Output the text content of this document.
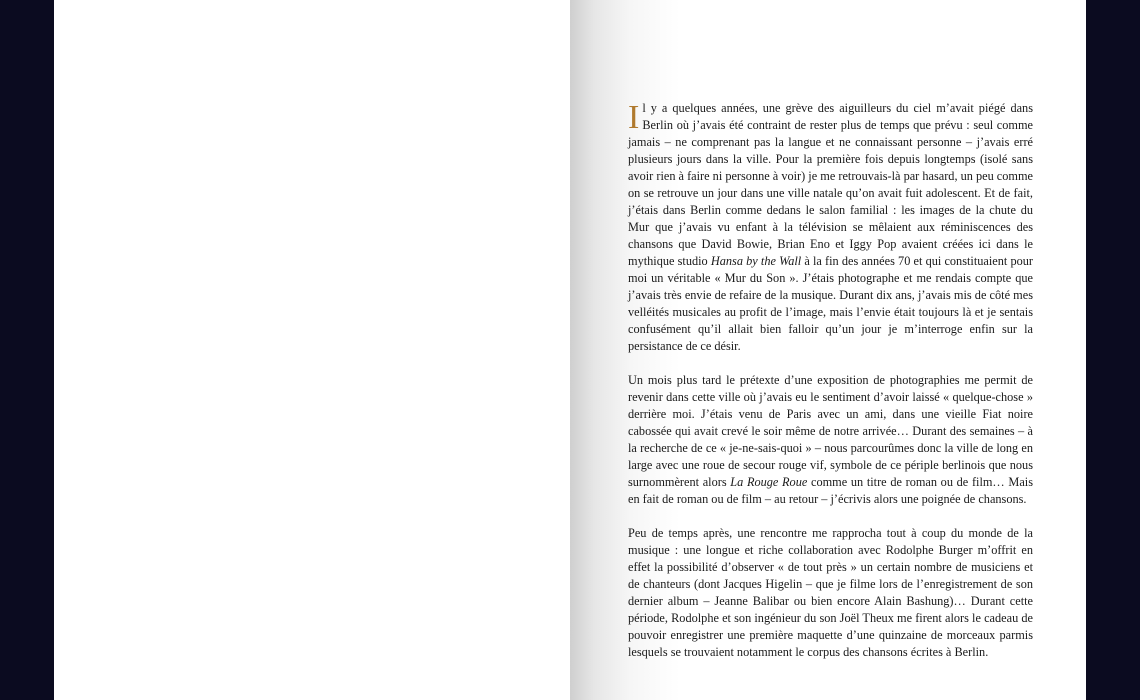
Il y a quelques années, une grève des aiguilleurs du ciel m’avait piégé dans Berlin où j’avais été contraint de rester plus de temps que prévu : seul comme jamais – ne comprenant pas la langue et ne connaissant personne – j’avais erré plusieurs jours dans la ville. Pour la première fois depuis longtemps (isolé sans avoir rien à faire ni personne à voir) je me retrouvais-là par hasard, un peu comme on se retrouve un jour dans une ville natale qu’on avait fuit adolescent. Et de fait, j’étais dans Berlin comme dedans le salon familial : les images de la chute du Mur que j’avais vu enfant à la télévision se mêlaient aux réminiscences des chansons que David Bowie, Brian Eno et Iggy Pop avaient créées ici dans le mythique studio Hansa by the Wall à la fin des années 70 et qui constituaient pour moi un véritable « Mur du Son ». J’étais photographe et me rendais compte que j’avais très envie de refaire de la musique. Durant dix ans, j’avais mis de côté mes velléités musicales au profit de l’image, mais l’envie était toujours là et je sentais confusément qu’il allait bien falloir qu’un jour je m’interroge enfin sur la persistance de ce désir.

Un mois plus tard le prétexte d’une exposition de photographies me permit de revenir dans cette ville où j’avais eu le sentiment d’avoir laissé « quelque-chose » derrière moi. J’étais venu de Paris avec un ami, dans une vieille Fiat noire cabossée qui avait crevé le soir même de notre arrivée… Durant des semaines – à la recherche de ce « je-ne-sais-quoi » – nous parcourûmes donc la ville de long en large avec une roue de secour rouge vif, symbole de ce périple berlinois que nous surnommèrent alors La Rouge Roue comme un titre de roman ou de film… Mais en fait de roman ou de film – au retour – j’écrivis alors une poignée de chansons.

Peu de temps après, une rencontre me rapprocha tout à coup du monde de la musique : une longue et riche collaboration avec Rodolphe Burger m’offrit en effet la possibilité d’observer « de tout près » un certain nombre de musiciens et de chanteurs (dont Jacques Higelin – que je filme lors de l’enregistrement de son dernier album – Jeanne Balibar ou bien encore Alain Bashung)… Durant cette période, Rodolphe et son ingénieur du son Joël Theux me firent alors le cadeau de pouvoir enregistrer une première maquette d’une quinzaine de morceaux parmis lesquels se trouvaient notamment le corpus des chansons écrites à Berlin.
